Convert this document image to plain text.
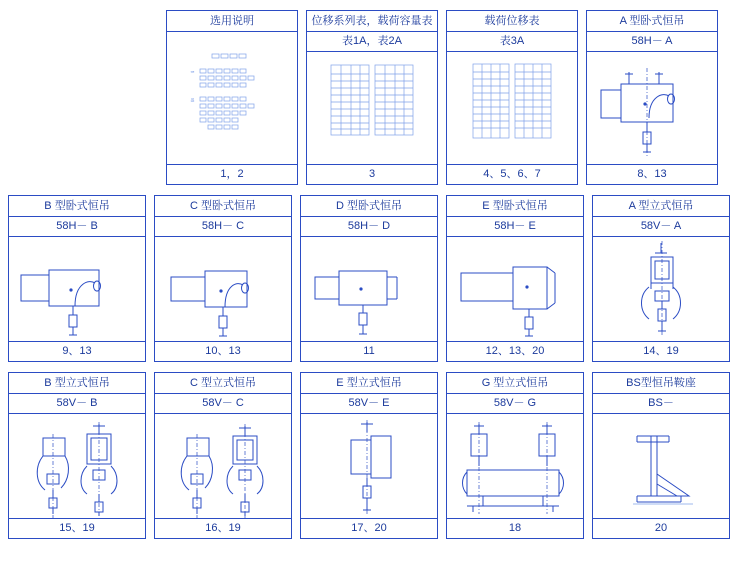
选用说明
一
二
1，2
位移系列表，载荷容量表
表1A，表2A
3
载荷位移表
表3A
4、5、6、7
A 型卧式恒吊
58H－ A
8、13
B 型卧式恒吊
58H－ B
9、13
C 型卧式恒吊
58H－ C
10、13
D 型卧式恒吊
58H－ D
11
E 型卧式恒吊
58H－ E
12、13、20
A 型立式恒吊
58V－ A
14、19
B 型立式恒吊
58V－ B
15、19
C 型立式恒吊
58V－ C
16、19
E 型立式恒吊
58V－ E
17、20
G 型立式恒吊
58V－ G
18
BS型恒吊鞍座
BS－
20
